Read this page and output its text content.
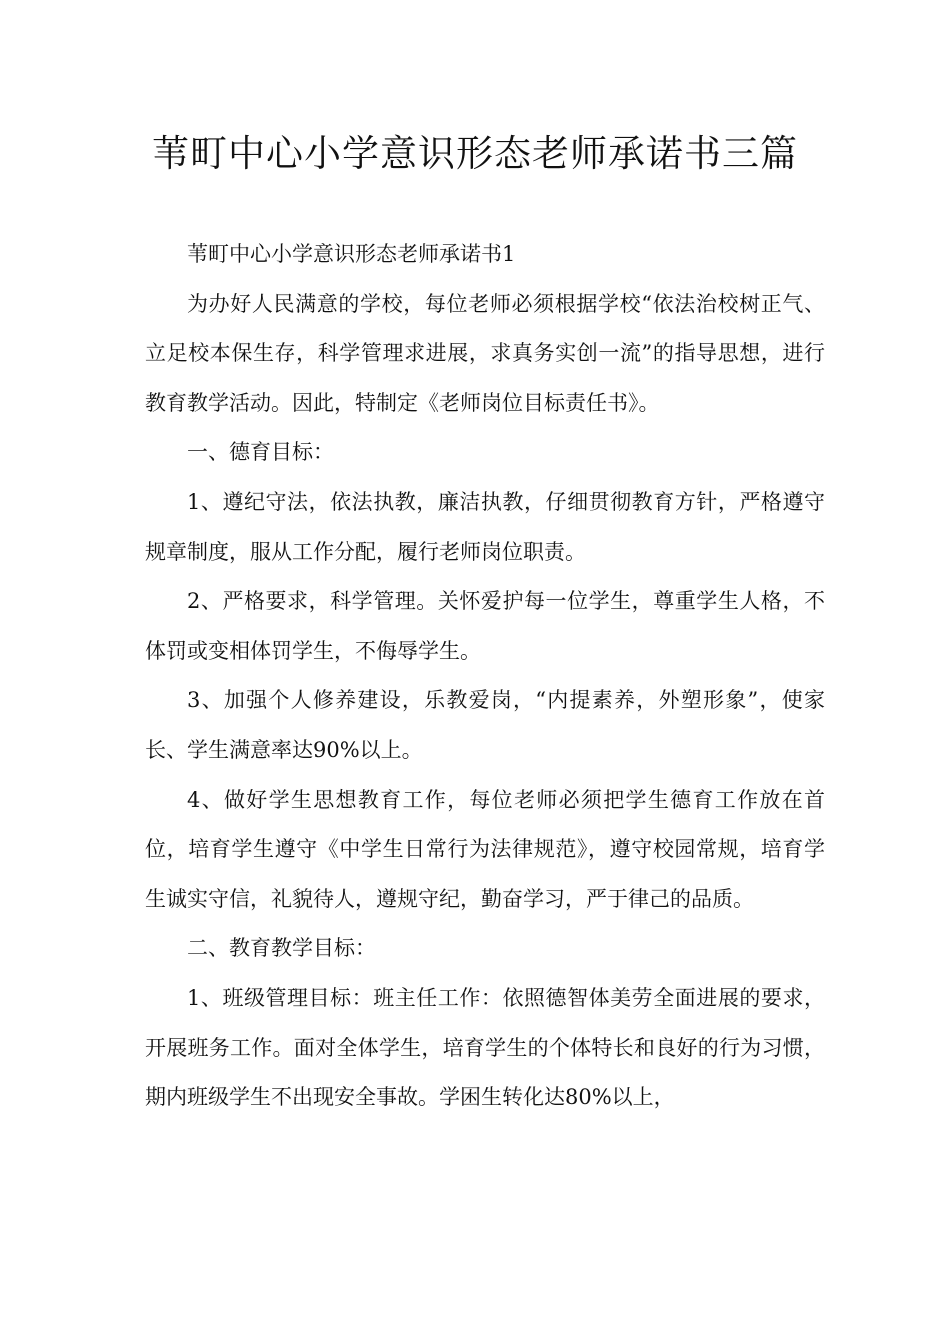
苇町中心小学意识形态老师承诺书三篇

苇町中心小学意识形态老师承诺书1

为办好人民满意的学校，每位老师必须根据学校“依法治校树正气、立足校本保生存，科学管理求进展，求真务实创一流”的指导思想，进行教育教学活动。因此，特制定《老师岗位目标责任书》。

一、德育目标：

1、遵纪守法，依法执教，廉洁执教，仔细贯彻教育方针，严格遵守规章制度，服从工作分配，履行老师岗位职责。

2、严格要求，科学管理。关怀爱护每一位学生，尊重学生人格，不体罚或变相体罚学生，不侮辱学生。

3、加强个人修养建设，乐教爱岗，“内提素养，外塑形象”，使家长、学生满意率达90%以上。

4、做好学生思想教育工作，每位老师必须把学生德育工作放在首位，培育学生遵守《中学生日常行为法律规范》，遵守校园常规，培育学生诚实守信，礼貌待人，遵规守纪，勤奋学习，严于律己的品质。

二、教育教学目标：

1、班级管理目标：班主任工作：依照德智体美劳全面进展的要求，开展班务工作。面对全体学生，培育学生的个体特长和良好的行为习惯，期内班级学生不出现安全事故。学困生转化达80%以上，
